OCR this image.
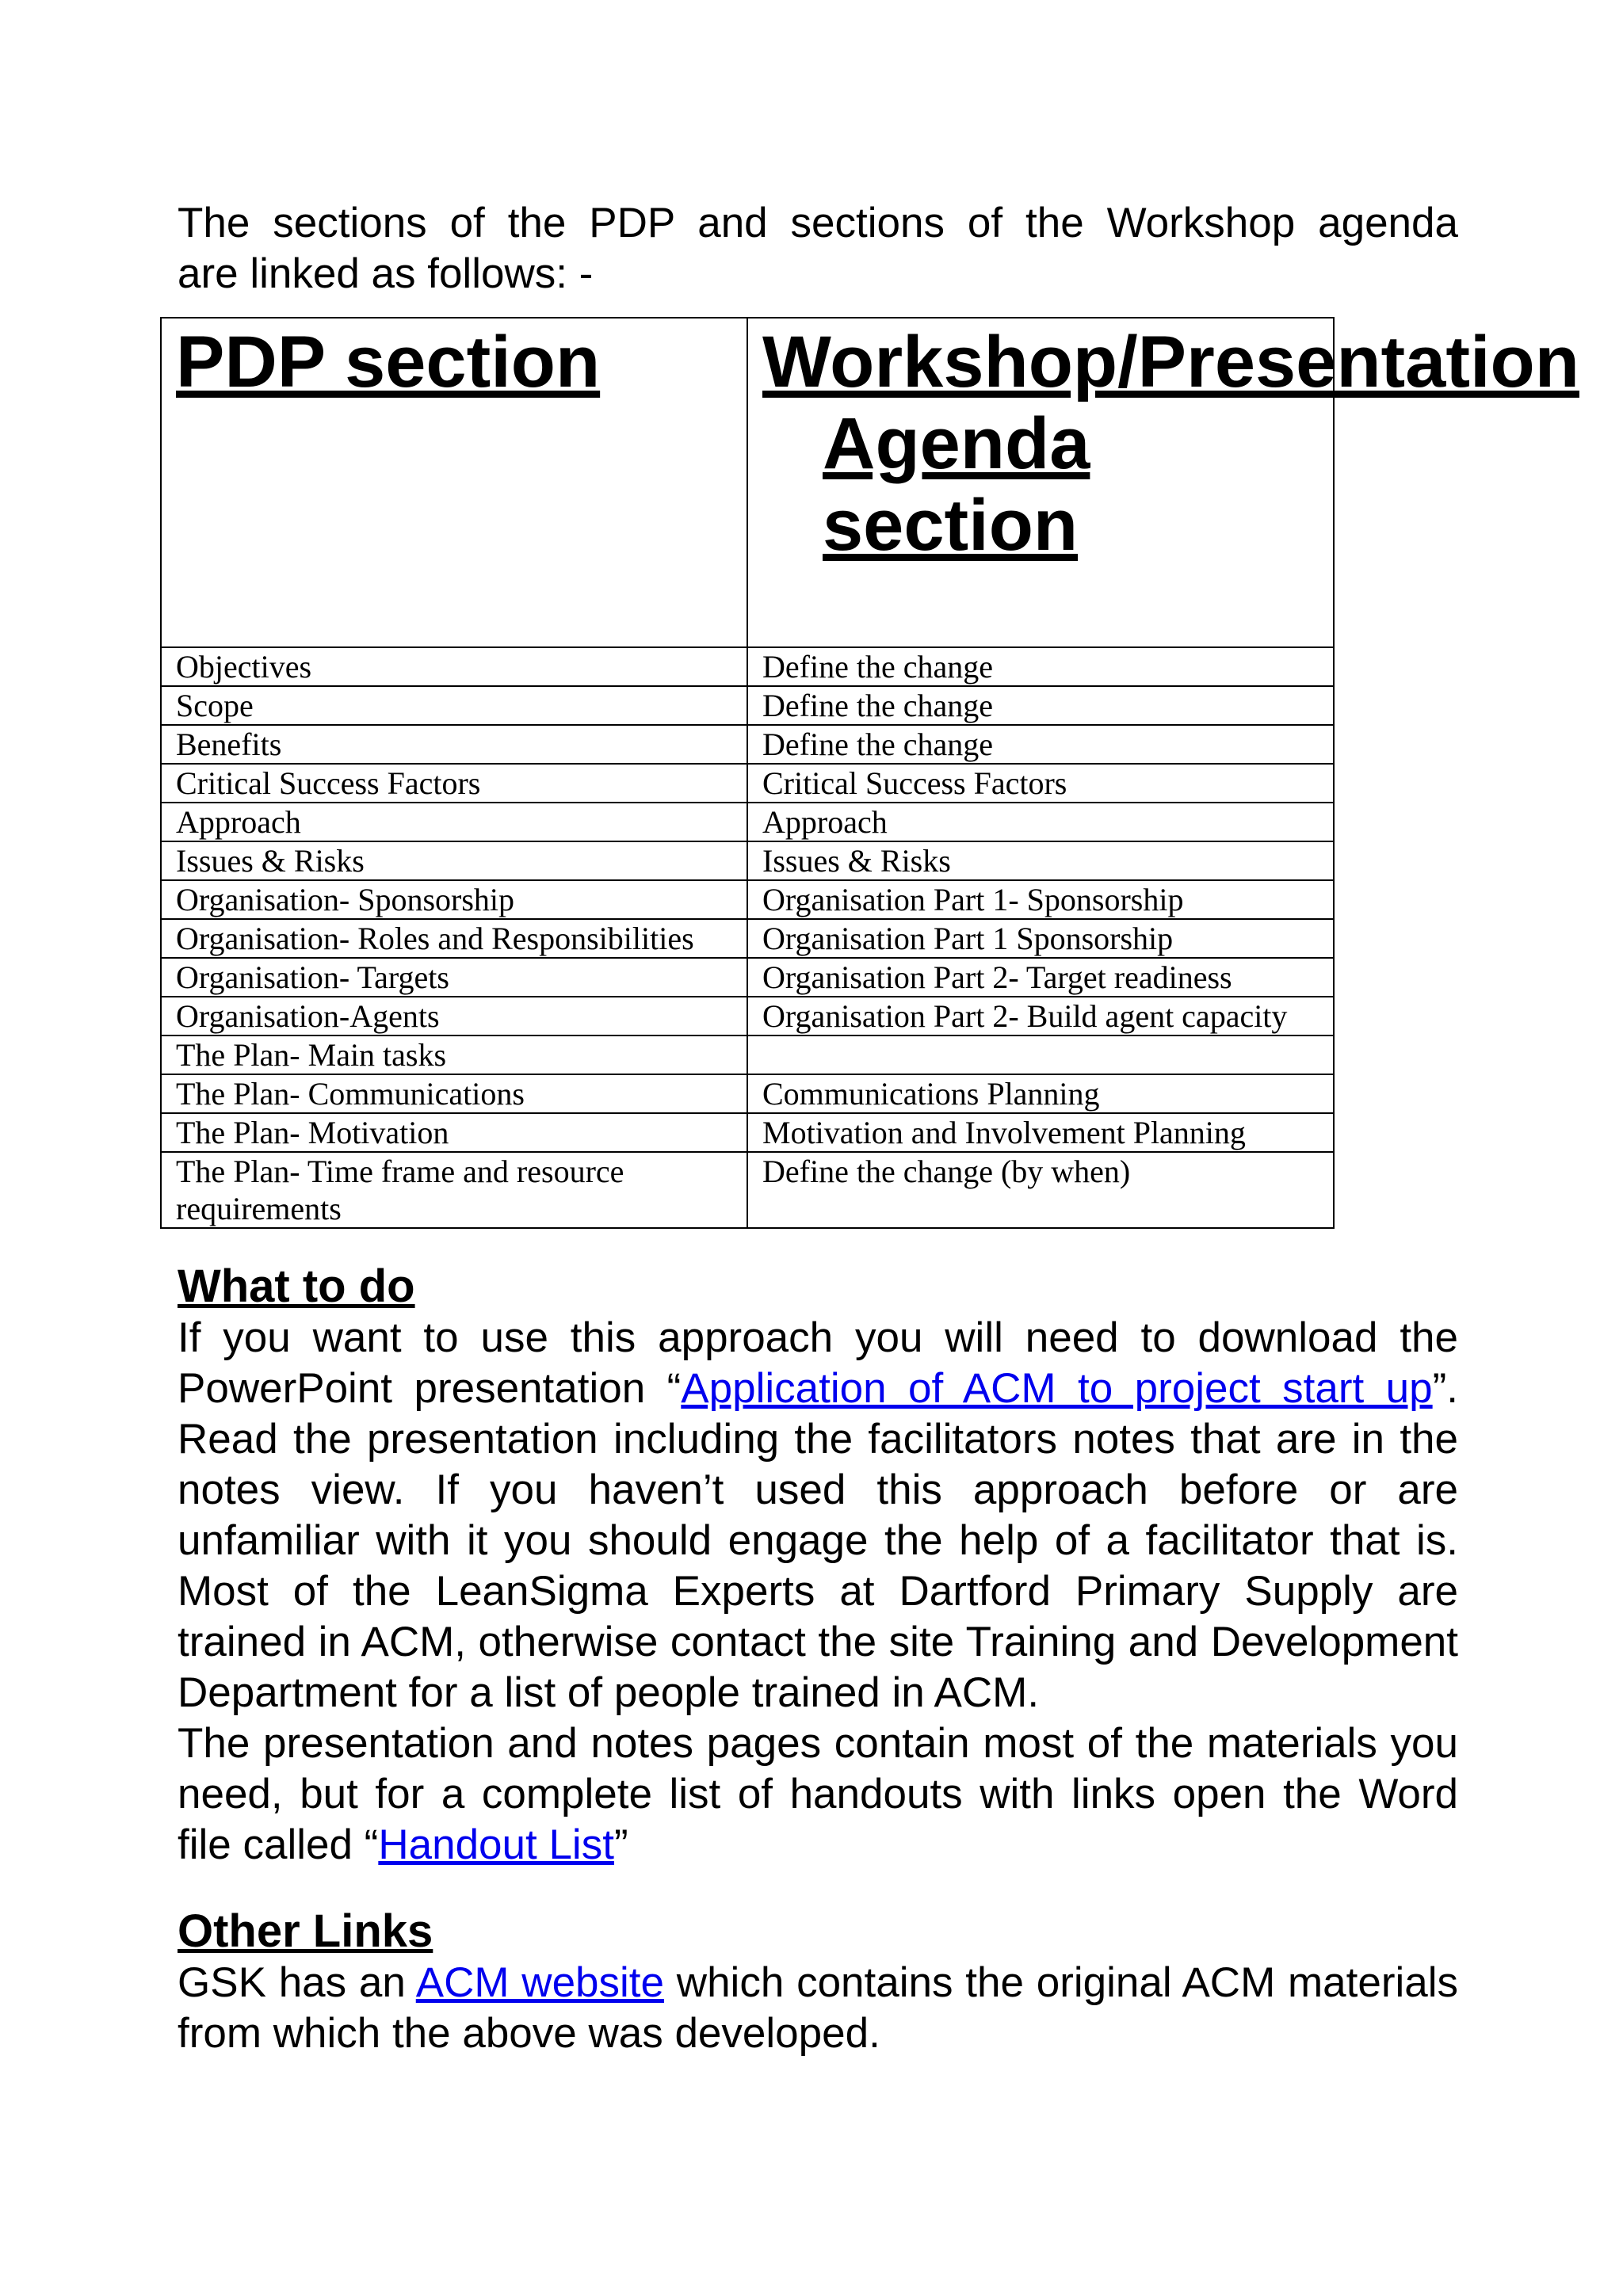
The sections of the PDP and sections of the Workshop agenda
are linked as follows: -

PDP section	Workshop/Presentation Agenda section

Objectives	Define the change
Scope	Define the change
Benefits	Define the change
Critical Success Factors	Critical Success Factors
Approach	Approach
Issues & Risks	Issues & Risks
Organisation- Sponsorship	Organisation Part 1- Sponsorship
Organisation- Roles and Responsibilities	Organisation Part 1 Sponsorship
Organisation- Targets	Organisation Part 2- Target readiness
Organisation-Agents	Organisation Part 2- Build agent capacity
The Plan- Main tasks	
The Plan- Communications	Communications Planning
The Plan- Motivation	Motivation and Involvement Planning
The Plan- Time frame and resource requirements	Define the change (by when)
What to do

If you want to use this approach you will need to download the PowerPoint presentation “Application of ACM to project start up”. Read the presentation including the facilitators notes that are in the notes view. If you haven’t used this approach before or are unfamiliar with it you should engage the help of a facilitator that is. Most of the LeanSigma Experts at Dartford Primary Supply are trained in ACM, otherwise contact the site Training and Development Department for a list of people trained in ACM.

The presentation and notes pages contain most of the materials you need, but for a complete list of handouts with links open the Word file called “Handout List”

Other Links

GSK has an ACM website which contains the original ACM materials from which the above was developed.
